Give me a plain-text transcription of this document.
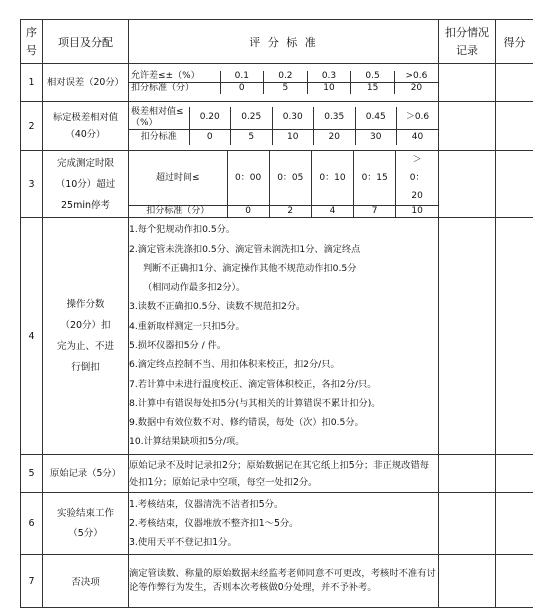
序号	项目及分配	评 分 标 准	扣分情况记录	得分
1	相对误差（20分）	
允许差≤±（%）	0.1	0.2	0.3	0.5	>0.6
扣分标准（分）	0	5	10	15	20

2	标定极差相对值（40分）	
极差相对值≤（%）	0.20	0.25	0.30	0.35	0.45	＞0.6
扣分标准	0	5	10	20	30	40

3	完成测定时限（10分）超过25min停考	
超过时间≤	0：00	0：05	0：10	0：15	＞0：20
扣分标准（分）	0	2	4	7	10

4	操作分数（20分）扣完为止、不进行倒扣	
1.每个犯规动作扣0.5分。
2.滴定管未洗涤扣0.5分、滴定管未润洗扣1分、滴定终点
判断不正确扣1分、滴定操作其他不规范动作扣0.5分
（相同动作最多扣2分）。
3.读数不正确扣0.5分、读数不规范扣2分。
4.重新取样测定一只扣5分。
5.损坏仪器扣5分 / 件。
6.滴定终点控制不当、用扣体积来校正，扣2分/只。
7.若计算中未进行温度校正、滴定管体积校正，各扣2分/只。
8.计算中有错误每处扣5分(与其相关的计算错误不累计扣分)。
9.数据中有效位数不对、修约错误，每处（次）扣0.5分。
10.计算结果缺项扣5分/项。

5	原始记录（5分）	原始记录不及时记录扣2分；原始数据记在其它纸上扣5分；非正规改错每处扣1分；原始记录中空项，每空一处扣2分。		
6	实验结束工作（5分）	
1.考核结束，仪器清洗不洁者扣5分。
2.考核结束，仪器堆放不整齐扣1～5分。
3.使用天平不登记扣1分。

7	否决项	滴定管读数、称量的原始数据未经监考老师同意不可更改，考核时不准有讨论等作弊行为发生，否则本次考核做0分处理，并不予补考。		
